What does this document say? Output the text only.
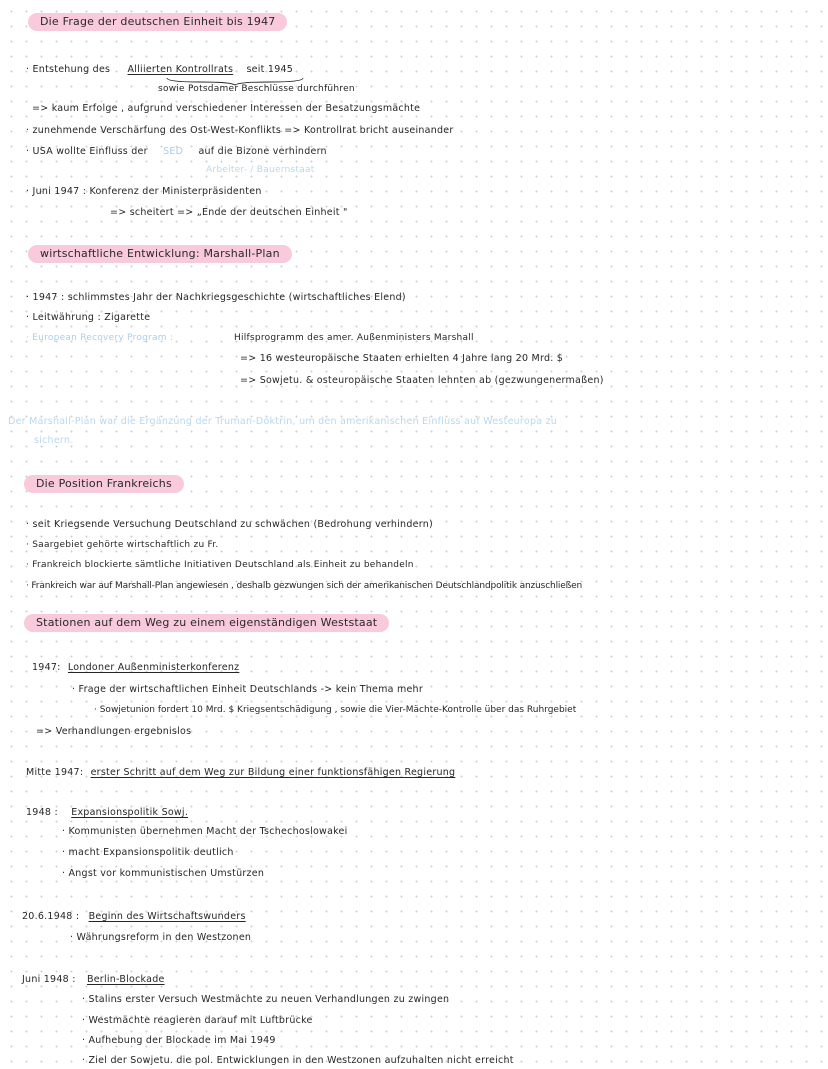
Die Frage der deutschen Einheit bis 1947
· Entstehung des Alliierten Kontrollrats seit 1945
sowie Potsdamer Beschlüsse durchführen
=> kaum Erfolge , aufgrund verschiedener Interessen der Besatzungsmächte
· zunehmende Verschärfung des Ost-West-Konflikts => Kontrollrat bricht auseinander
· USA wollte Einfluss der SED auf die Bizone verhindern
Arbeiter- / Bauernstaat
· Juni 1947 : Konferenz der Ministerpräsidenten
=> scheitert => „Ende der deutschen Einheit "
wirtschaftliche Entwicklung: Marshall-Plan
· 1947 : schlimmstes Jahr der Nachkriegsgeschichte (wirtschaftliches Elend)
· Leitwährung : Zigarette
· European Recovery Program :	Hilfsprogramm des amer. Außenministers Marshall
=> 16 westeuropäische Staaten erhielten 4 Jahre lang 20 Mrd. $
=> Sowjetu. & osteuropäische Staaten lehnten ab (gezwungenermaßen)
Der Marshall-Plan war die Ergänzung der Truman-Doktrin, um den amerikanischen Einfluss auf Westeuropa zu
sichern.
Die Position Frankreichs
· seit Kriegsende Versuchung Deutschland zu schwächen (Bedrohung verhindern)
· Saargebiet gehörte wirtschaftlich zu Fr.
· Frankreich blockierte sämtliche Initiativen Deutschland als Einheit zu behandeln
· Frankreich war auf Marshall-Plan angewiesen , deshalb gezwungen sich der amerikanischen Deutschlandpolitik anzuschließen
Stationen auf dem Weg zu einem eigenständigen Weststaat
1947: Londoner Außenministerkonferenz
· Frage der wirtschaftlichen Einheit Deutschlands -> kein Thema mehr
· Sowjetunion fordert 10 Mrd. $ Kriegsentschädigung , sowie die Vier-Mächte-Kontrolle über das Ruhrgebiet
=> Verhandlungen ergebnislos
Mitte 1947: erster Schritt auf dem Weg zur Bildung einer funktionsfähigen Regierung
1948 : Expansionspolitik Sowj.
· Kommunisten übernehmen Macht der Tschechoslowakei
· macht Expansionspolitik deutlich
· Angst vor kommunistischen Umstürzen
20.6.1948 : Beginn des Wirtschaftswunders
· Währungsreform in den Westzonen
Juni 1948 : Berlin-Blockade
· Stalins erster Versuch Westmächte zu neuen Verhandlungen zu zwingen
· Westmächte reagieren darauf mit Luftbrücke
· Aufhebung der Blockade im Mai 1949
· Ziel der Sowjetu. die pol. Entwicklungen in den Westzonen aufzuhalten nicht erreicht
